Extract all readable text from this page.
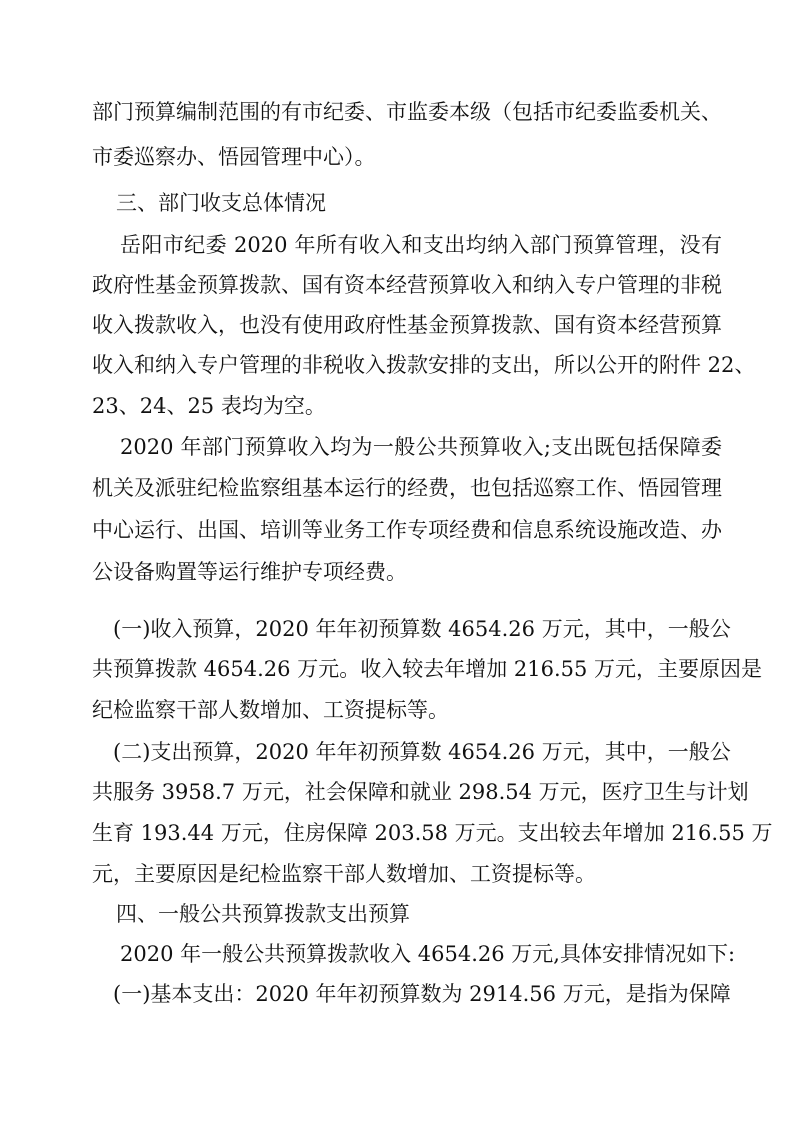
部门预算编制范围的有市纪委、市监委本级（包括市纪委监委机关、
市委巡察办、悟园管理中心）。
三、部门收支总体情况
岳阳市纪委 2020 年所有收入和支出均纳入部门预算管理，没有
政府性基金预算拨款、国有资本经营预算收入和纳入专户管理的非税
收入拨款收入，也没有使用政府性基金预算拨款、国有资本经营预算
收入和纳入专户管理的非税收入拨款安排的支出，所以公开的附件 22、
23、24、25 表均为空。
2020 年部门预算收入均为一般公共预算收入;支出既包括保障委
机关及派驻纪检监察组基本运行的经费，也包括巡察工作、悟园管理
中心运行、出国、培训等业务工作专项经费和信息系统设施改造、办
公设备购置等运行维护专项经费。
(一)收入预算，2020 年年初预算数 4654.26 万元，其中，一般公
共预算拨款 4654.26 万元。收入较去年增加 216.55 万元，主要原因是
纪检监察干部人数增加、工资提标等。
(二)支出预算，2020 年年初预算数 4654.26 万元，其中，一般公
共服务 3958.7 万元，社会保障和就业 298.54 万元，医疗卫生与计划
生育 193.44 万元，住房保障 203.58 万元。支出较去年增加 216.55 万
元，主要原因是纪检监察干部人数增加、工资提标等。
四、一般公共预算拨款支出预算
2020 年一般公共预算拨款收入 4654.26 万元,具体安排情况如下:
(一)基本支出：2020 年年初预算数为 2914.56 万元，是指为保障
